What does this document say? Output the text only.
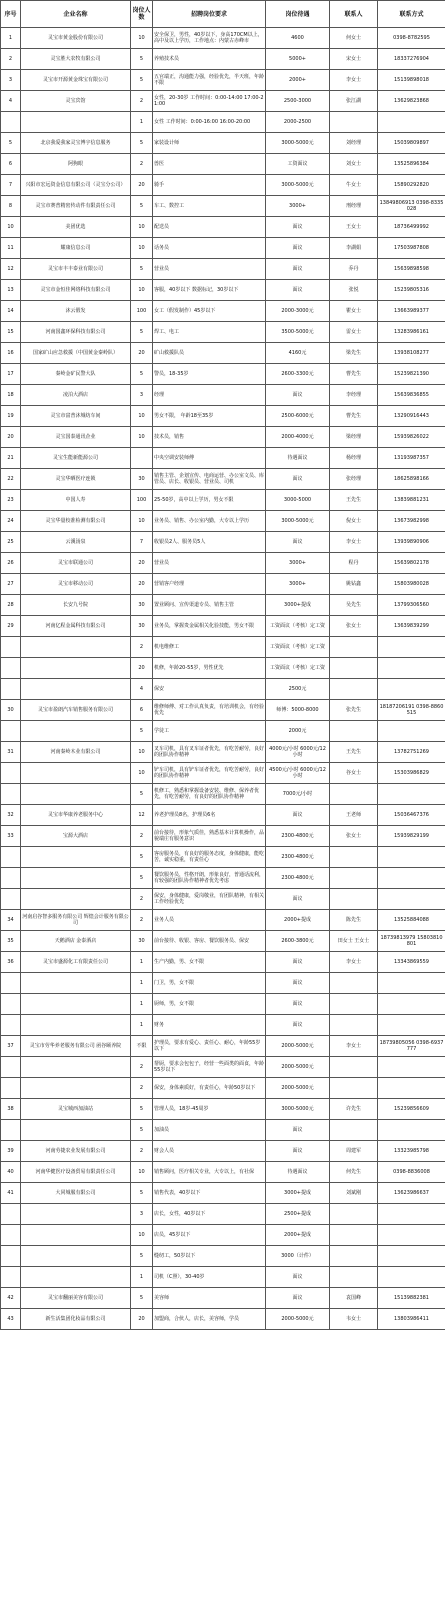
序号	企业名称	岗位人数	招聘岗位要求	岗位待遇	联系人	联系方式
1	灵宝市黄金股份有限公司	10	安全保卫，男性，40岁以下，身高170CM以上，高中及以上学历，工作地点：内蒙古赤峰市	4600	何女士	0398-8782595
2	灵宝胜大农牧有限公司	5	养殖技术员	5000+	宋女士	18337276904
3	灵宝市开源黄金珠宝有限公司	5	五官端正，沟通能力强，经验优先，半天班，年龄不限	2000+	李女士	15139898018
4	灵宝宾馆	2	女性，20-30岁 工作时间：0:00-14:00 17:00-21:00	2500-3000	张江湖	13629823868
		1	女性 工作时间：0:00-16:00 16:00-20:00	2000-2500		
5	北京我爱我家灵宝博宇信息服务	5	家装设计师	3000-5000元	刘经理	15039809897
6	阿狗眼	2	兽医	工资面议	刘女士	13525896384
7	兴阳市宏远资金信息有限公司（灵宝分公司）	20	骑手	3000-5000元	牛女士	15890292820
8	灵宝市赛普精密传动件有限责任公司	5	车工、数控工	3000+	刑经理	13849806913 0398-8335028
10	美团优选	10	配送员	面议	王女士	18736499992
11	耀康信息公司	10	话务员	面议	李湖娟	17503987808
12	灵宝市丰丰泰业有限公司	5	营业员	面议	乔丹	15639898598
13	灵宝市金恒佳网络科技有限公司	10	客服，40岁以下 数据标记，30岁以下	面议	张悦	15239805316
14	沐云假发	100	女工（假发制作）45岁以下	2000-3000元	瞿女士	13663989377
15	河南国鑫环保科技有限公司	5	焊工、电工	3500-5000元	雷女士	13283986161
16	国家矿山应急救援（中国黄金秦岭队）	20	矿山救援队员	4160元	梁先生	13938108277
17	秦岭金矿民警大队	5	警员，18-35岁	2600-3300元	曹先生	15239821390
18	凌泊大酒店	3	经理	面议	李经理	15639836855
19	灵宝市富普沐城纺车间	10	男女不限， 年龄18至35岁	2500-6000元	曹先生	13290916443
20	灵宝国泰通讯企业	10	技术员，销售	2000-4000元	梁经理	15939826022
21	灵宝生能新能源公司		中央空调安装师傅	待遇面议	杨经理	13193987357
22	灵宝华晒医疗连锁	30	销售主管、企划宣传、电商运营、办公室文员、库管员、店长、收银员、营业员、司机	面议	张经理	18625898166
23	中国人寿	100	25-50岁，高中以上学历，男女不限	3000-5000	王先生	13839881231
24	灵宝华量校准检测有限公司	10	业务员、销售、办公室内勤，大专以上学历	3000-5000元	倪女士	13673982998
25	云溪汤泉	7	收银员2人、服务员5人	面议	李女士	13939890906
26	灵宝市联通公司	20	营业员	3000+	程丹	15639802178
27	灵宝市移动公司	20	营销客户经理	3000+	姚钻鑫	15803980028
28	长安九号院	30	置业顾问、宣传渠道专员、销售主管	3000+提成	吴先生	13799306560
29	河南亿程金属科技有限公司	30	业务员，掌握贵金属相关化验技能，男女不限	工资面议（考核）定工资	张女士	13639839299
		2	机电维修工	工资面议（考核）定工资		
		20	机修，年龄20-55岁，男性优先	工资面议（考核）定工资		
		4	保安	2500元		
30	灵宝市盈朗汽车销售服务有限公司	6	维修师傅、对工作认真负责，有培训机会，有经验优先	师傅：5000-8000	张先生	18187206191 0398-8860515
		5	学徒工	2000元		
31	河南秦岭木业有限公司	10	叉车司机，具有叉车证者优先，有吃苦耐劳，良好的团队协作精神	4000元/小时 6000元/12小时	王先生	13782751269
		10	铲车司机，具有铲车证者优先，有吃苦耐劳，良好的团队协作精神	4500元/小时 6000元/12小时	谷女士	15303986829
		5	机修工，熟悉和掌握设备安装、维修、保养者优先，有吃苦耐劳，有良好的团队协作精神	7000元/小时		
32	灵宝市华康养老服务中心	12	养老护理员8名，护理员6名	面议	王老师	15036467376
33	宝源大酒店	2	前台接待，形象气质佳，熟悉基本计算机操作，品貌端庄有服务意识	2300-4800元	张女士	15939829199
		5	客房服务员，有良好的服务态度，身体健康，能吃苦，诚实稳重，有责任心	2300-4800元		
		5	餐饮服务员，性格开朗，形象良好，普通话流利，有较强的团队协作精神者优先考虑	2300-4800元		
		2	保安，身体健康，爱岗敬业，有团队精神，有相关工作经验优先	面议		
34	河南启谷智多服务有限公司 辉煌会计服务有限公司	2	业务人员	2000+提成	陈先生	13525884088
35	天鹅酒店 金泰酒店	30	前台接待、收银、客房、餐饮服务员、保安	2600-3800元	田女士 王女士	18739813979 15803810801
36	灵宝市盛源化工有限责任公司	1	生产内勤，男、女不限	面议	李女士	13343869559
		1	门卫，男，女不限	面议		
		1	厨师，男，女不限	面议		
		1	财务	面议		
37	灵宝市劳华养老服务有限公司 函谷颐养院	不限	护理员，要求有爱心、责任心、耐心，年龄55岁以下	2000-5000元	李女士	18739805056 0398-6937777
		2	帮厨，要求会包包子，经营一些面类的面食，年龄55岁以下	2000-5000元		
		2	保安，身体素质好，有责任心，年龄50岁以下	2000-5000元		
38	灵宝城西加油站	5	管理人员，18岁-45周岁	3000-5000元	许先生	15239856609
		5	加油员	面议		
39	河南劳捷农业发展有限公司	2	财会人员	面议	周建军	13323985798
40	河南华健医疗设备贸易有限责任公司	10	销售顾问，医疗相关专业，大专以上，有社保	待遇面议	何先生	0398-8836008
41	大同城服有限公司	5	销售代表，40岁以下	3000+提成	刘斌刚	13623986637
		3	店长，女性，40岁以下	2500+提成		
		10	店员，45岁以下	2000+提成		
		5	缝纫工，50岁以下	3000（计件）		
		1	司机（C照），30-40岁	面议		
42	灵宝市翻丽美容有限公司	5	美容师	面议	袁国峰	15139882381
43	新生活集团化妆品有限公司	20	加盟商，合伙人，店长，美容师，学员	2000-5000元	韦女士	13803986411
